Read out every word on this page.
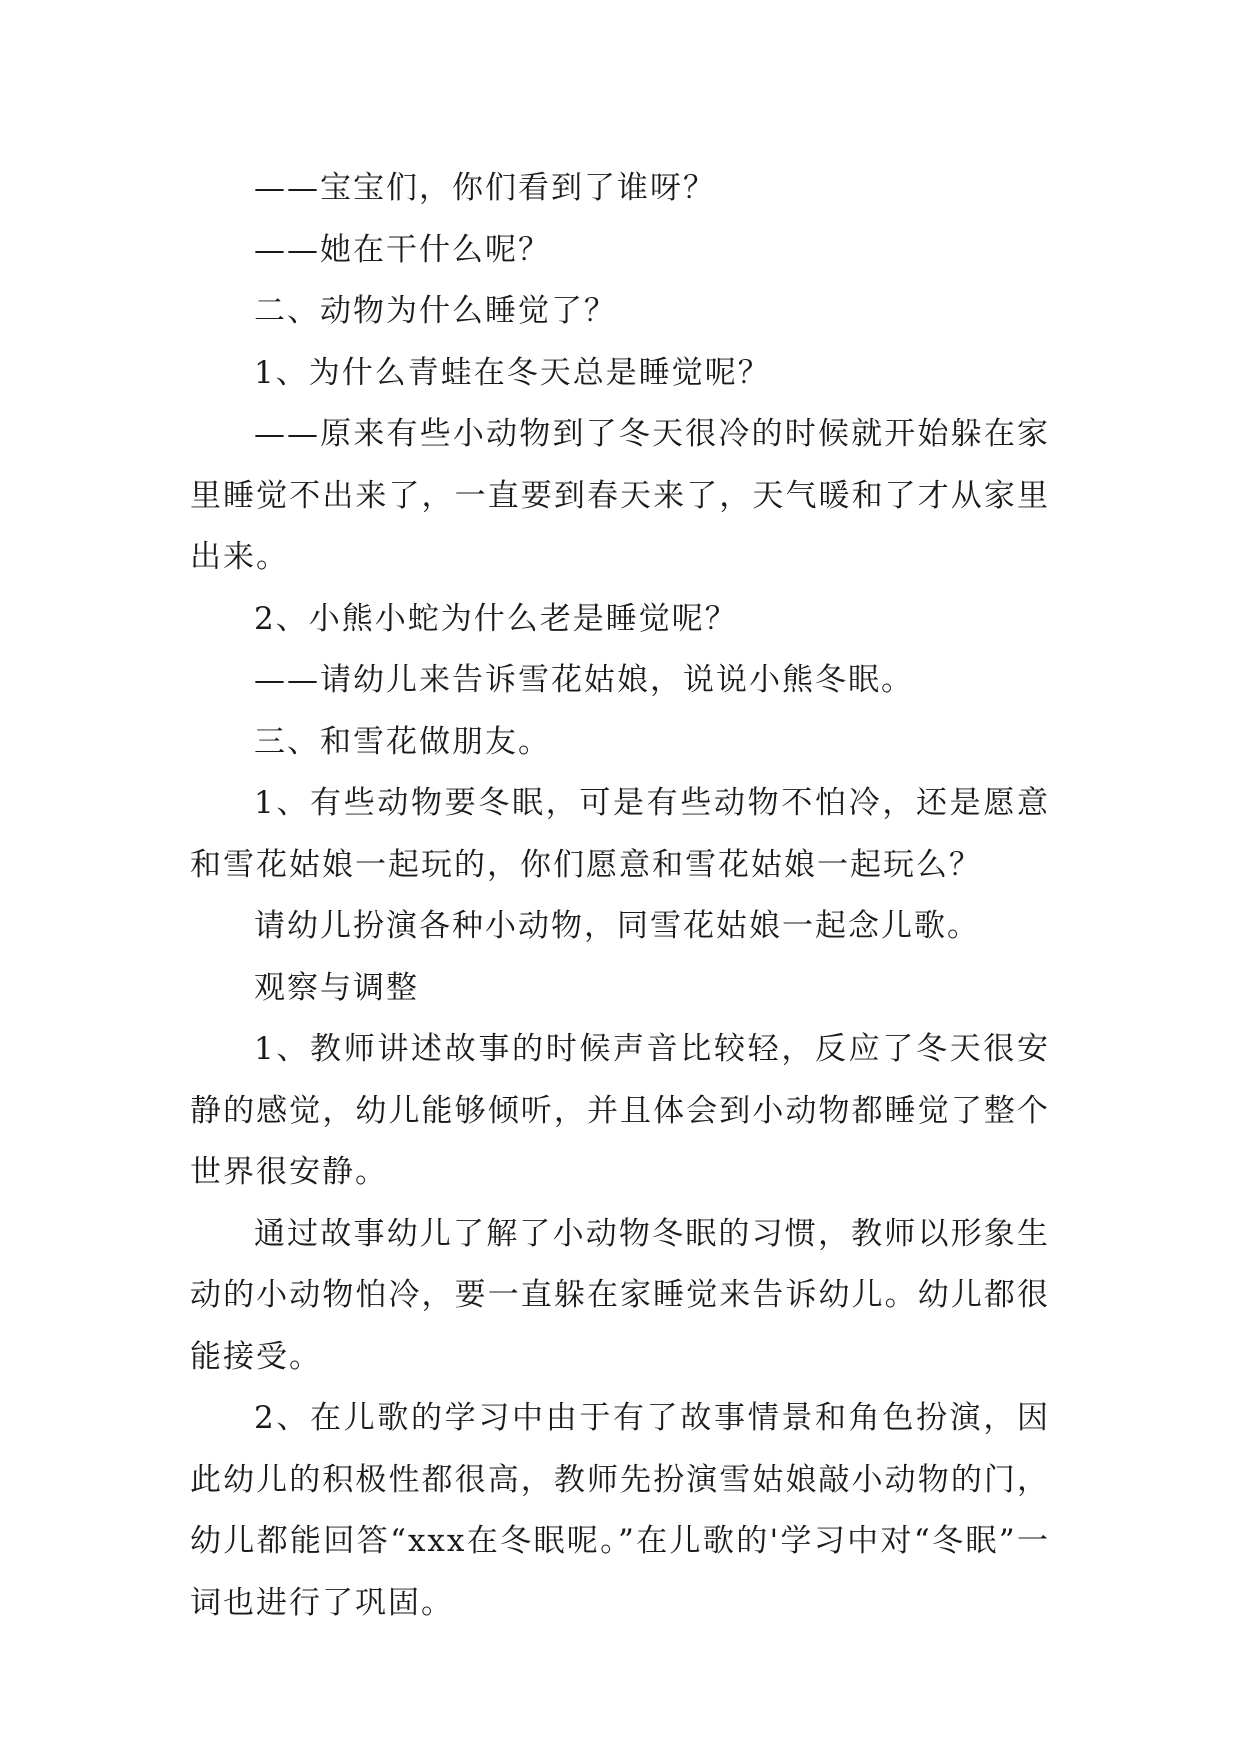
——宝宝们，你们看到了谁呀？

——她在干什么呢？

二、动物为什么睡觉了？

1、为什么青蛙在冬天总是睡觉呢？

——原来有些小动物到了冬天很冷的时候就开始躲在家里睡觉不出来了，一直要到春天来了，天气暖和了才从家里出来。

2、小熊小蛇为什么老是睡觉呢？

——请幼儿来告诉雪花姑娘，说说小熊冬眠。

三、和雪花做朋友。

1、有些动物要冬眠，可是有些动物不怕冷，还是愿意和雪花姑娘一起玩的，你们愿意和雪花姑娘一起玩么？

请幼儿扮演各种小动物，同雪花姑娘一起念儿歌。

观察与调整

1、教师讲述故事的时候声音比较轻，反应了冬天很安静的感觉，幼儿能够倾听，并且体会到小动物都睡觉了整个世界很安静。

通过故事幼儿了解了小动物冬眠的习惯，教师以形象生动的小动物怕冷，要一直躲在家睡觉来告诉幼儿。幼儿都很能接受。

2、在儿歌的学习中由于有了故事情景和角色扮演，因此幼儿的积极性都很高，教师先扮演雪姑娘敲小动物的门，幼儿都能回答“xxx在冬眠呢。”在儿歌的'学习中对“冬眠”一词也进行了巩固。
